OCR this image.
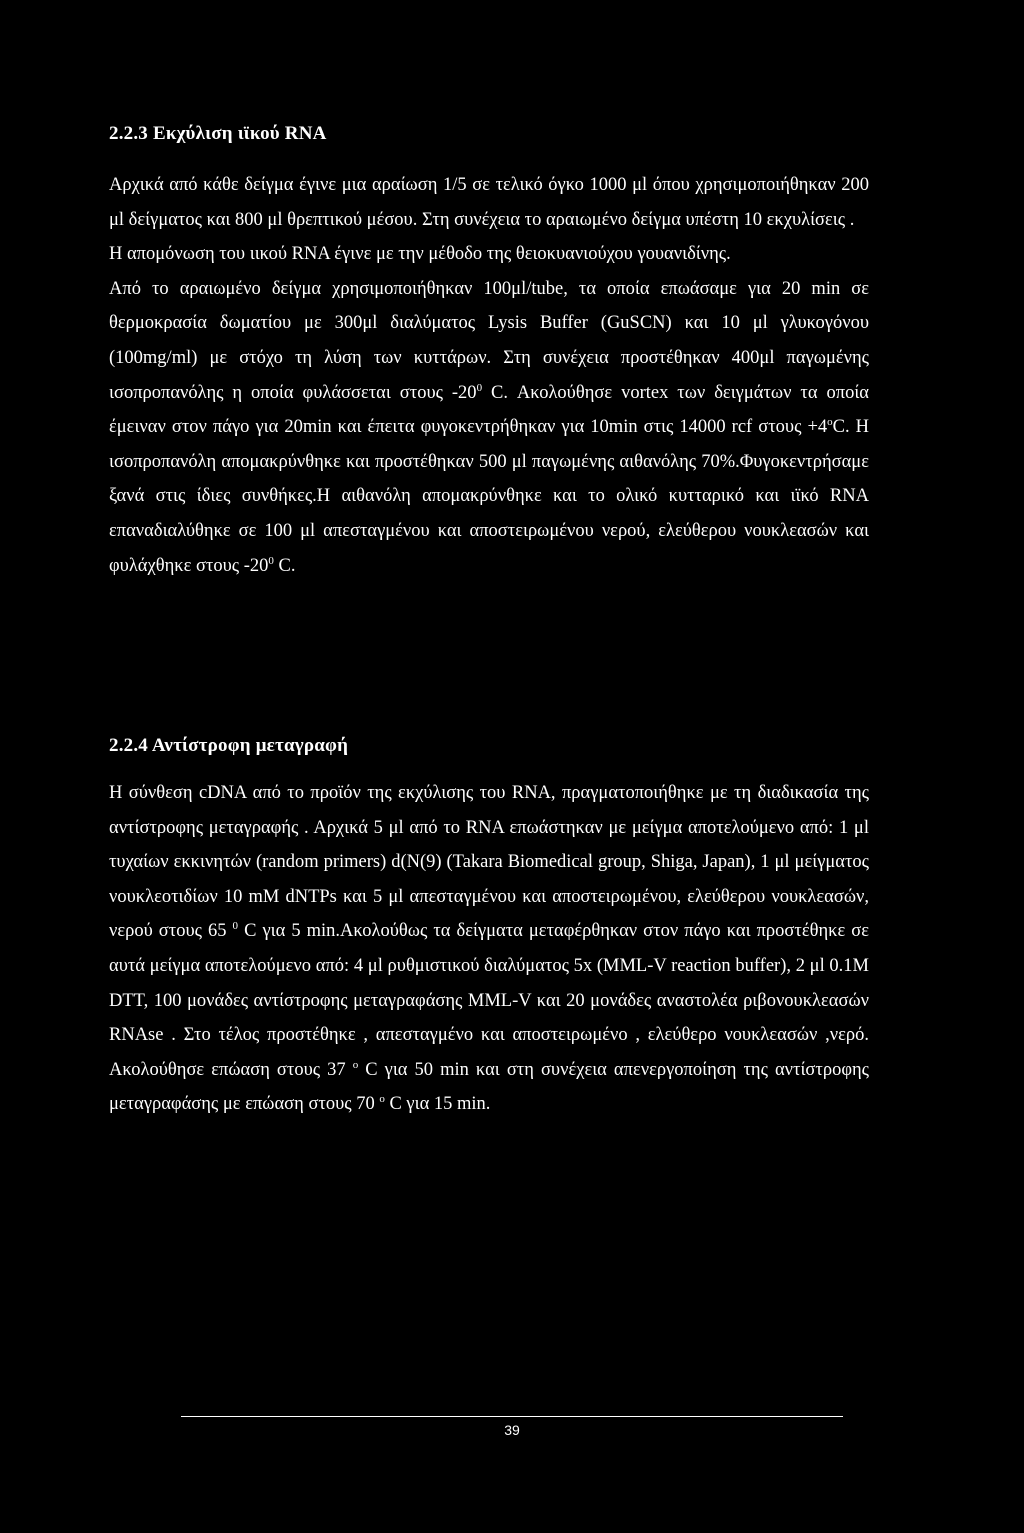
2.2.3 Εκχύλιση ιϊκού RNA

Αρχικά από κάθε δείγμα έγινε μια αραίωση 1/5 σε τελικό όγκο 1000 μl όπου χρησιμοποιήθηκαν 200 μl δείγματος και 800 μl θρεπτικού μέσου. Στη συνέχεια το αραιωμένο δείγμα υπέστη 10 εκχυλίσεις .

Η απομόνωση του ιικού RNA έγινε με την μέθοδο της θειοκυανιούχου γουανιδίνης.

Από το αραιωμένο δείγμα χρησιμοποιήθηκαν 100μl/tube, τα οποία επωάσαμε για 20 min σε θερμοκρασία δωματίου με 300μl διαλύματος Lysis Buffer (GuSCN) και 10 μl γλυκογόνου (100mg/ml) με στόχο τη λύση των κυττάρων. Στη συνέχεια προστέθηκαν 400μl παγωμένης ισοπροπανόλης η οποία φυλάσσεται στους $-20^0$ C. Ακολούθησε vortex των δειγμάτων τα οποία έμειναν στον πάγο για 20min και έπειτα φυγοκεντρήθηκαν για 10min στις 14000 rcf $\sigma\tau o\upsilon\varsigma +4^oC$. Η ισοπροπανόλη απομακρύνθηκε και προστέθηκαν 500 μl παγωμένης αιθανόλης 70%.Φυγοκεντρήσαμε ξανά στις ίδιες συνθήκες.Η αιθανόλη απομακρύνθηκε και το ολικό κυτταρικό και ιϊκό RNA επαναδιαλύθηκε σε 100 μl απεσταγμένου και αποστειρωμένου νερού, ελεύθερου νουκλεασών και φυλάχθηκε στους $-20^0$ C.

2.2.4 Αντίστροφη μεταγραφή

Η σύνθεση cDNA από το προϊόν της εκχύλισης του RNA, πραγματοποιήθηκε με τη διαδικασία της αντίστροφης μεταγραφής . Αρχικά 5 μl από το RNA επωάστηκαν με μείγμα αποτελούμενο από: 1 μl τυχαίων εκκινητών (random primers) d(N(9) (Takara Biomedical group, Shiga, Japan), 1 μl μείγματος νουκλεοτιδίων 10 mM dNTPs και 5 μl απεσταγμένου και αποστειρωμένου, ελεύθερου νουκλεασών, νερού στους 65 $^0$ C για 5 min.Ακολούθως τα δείγματα μεταφέρθηκαν στον πάγο και προστέθηκε σε αυτά μείγμα αποτελούμενο από: 4 μl ρυθμιστικού διαλύματος 5x (MML-V reaction buffer), 2 μl 0.1M DTT, 100 μονάδες αντίστροφης μεταγραφάσης MML-V και 20 μονάδες αναστολέα ριβονουκλεασών RNAse . Στο τέλος προστέθηκε , απεσταγμένο και αποστειρωμένο , ελεύθερο νουκλεασών ,νερό. Ακολούθησε επώαση στους 37 $^o$ C για 50 min και στη συνέχεια απενεργοποίηση της αντίστροφης μεταγραφάσης με επώαση στους 70 $^o$ C για 15 min.

39
